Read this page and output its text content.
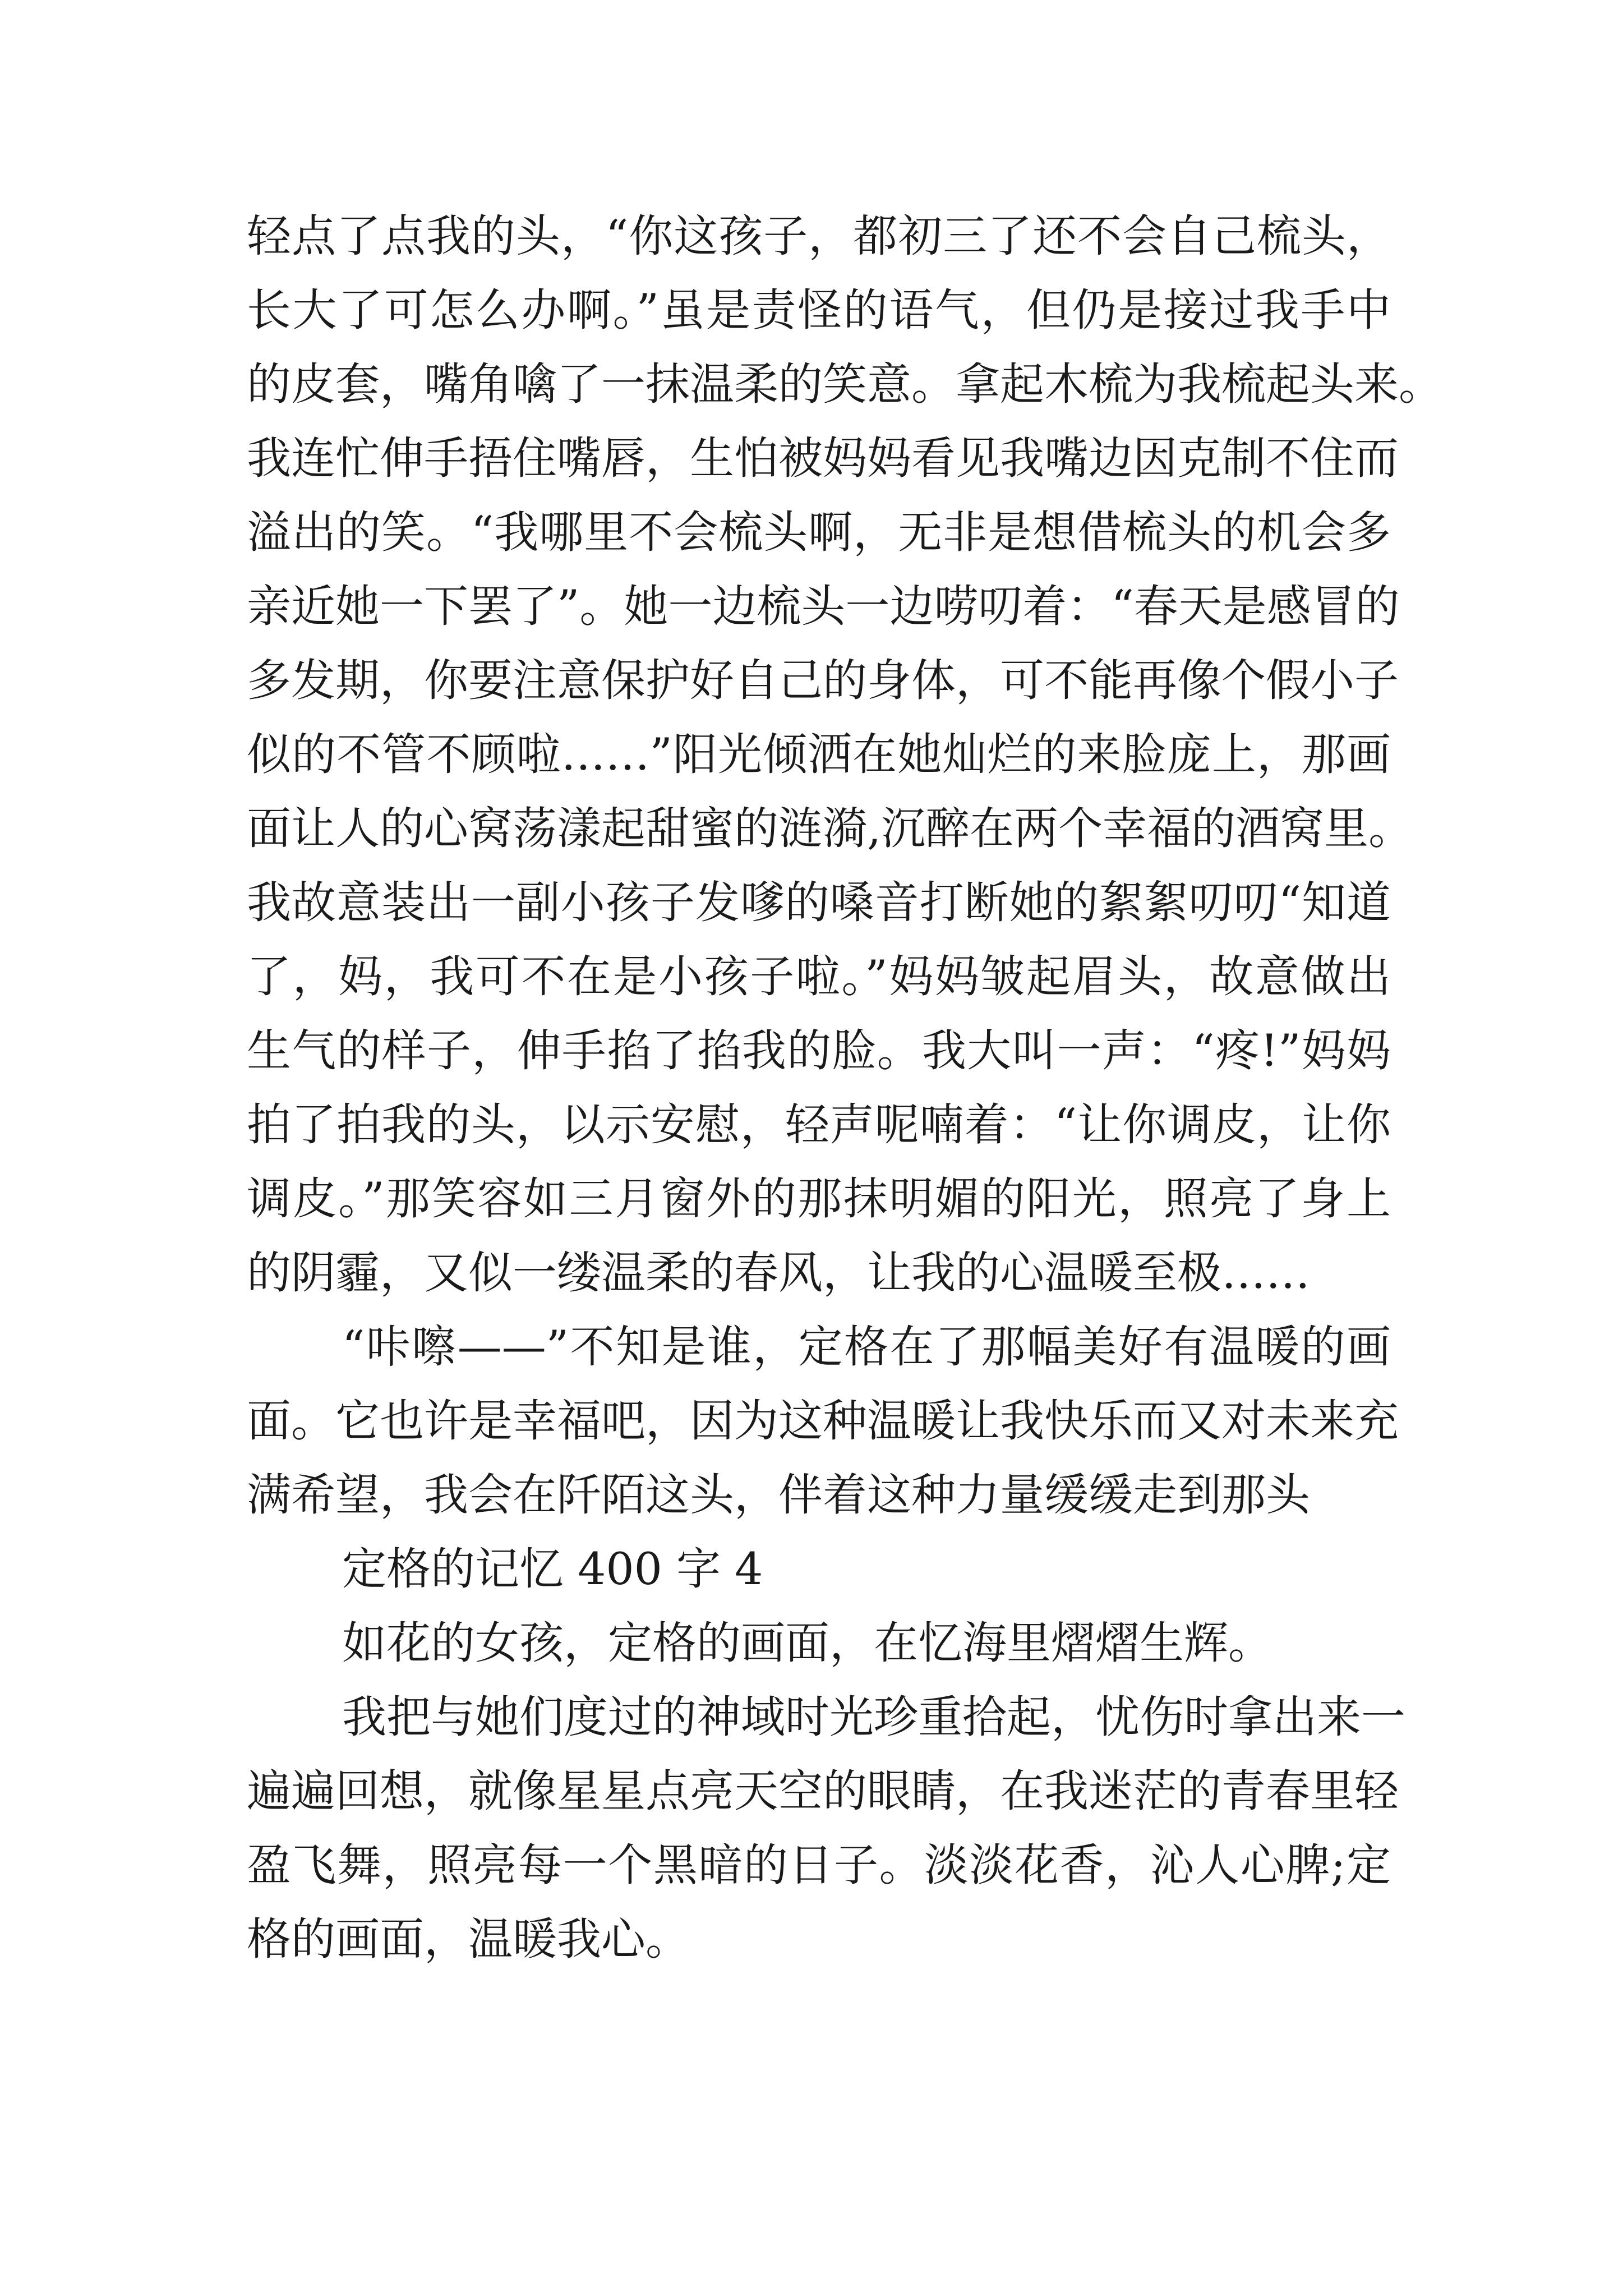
轻点了点我的头，“你这孩子，都初三了还不会自己梳头，
长大了可怎么办啊。”虽是责怪的语气，但仍是接过我手中
的皮套，嘴角噙了一抹温柔的笑意。拿起木梳为我梳起头来。
我连忙伸手捂住嘴唇，生怕被妈妈看见我嘴边因克制不住而
溢出的笑。“我哪里不会梳头啊，无非是想借梳头的机会多
亲近她一下罢了”。她一边梳头一边唠叨着：“春天是感冒的
多发期，你要注意保护好自己的身体，可不能再像个假小子
似的不管不顾啦……”阳光倾洒在她灿烂的来脸庞上，那画
面让人的心窝荡漾起甜蜜的涟漪,沉醉在两个幸福的酒窝里。
我故意装出一副小孩子发嗲的嗓音打断她的絮絮叨叨“知道
了，妈，我可不在是小孩子啦。”妈妈皱起眉头，故意做出
生气的样子，伸手掐了掐我的脸。我大叫一声：“疼!”妈妈
拍了拍我的头，以示安慰，轻声呢喃着：“让你调皮，让你
调皮。”那笑容如三月窗外的那抹明媚的阳光，照亮了身上
的阴霾，又似一缕温柔的春风，让我的心温暖至极……
“咔嚓——”不知是谁，定格在了那幅美好有温暖的画
面。它也许是幸福吧，因为这种温暖让我快乐而又对未来充
满希望，我会在阡陌这头，伴着这种力量缓缓走到那头
定格的记忆 400 字 4
如花的女孩，定格的画面，在忆海里熠熠生辉。
我把与她们度过的神域时光珍重拾起，忧伤时拿出来一
遍遍回想，就像星星点亮天空的眼睛，在我迷茫的青春里轻
盈飞舞，照亮每一个黑暗的日子。淡淡花香，沁人心脾;定
格的画面，温暖我心。
